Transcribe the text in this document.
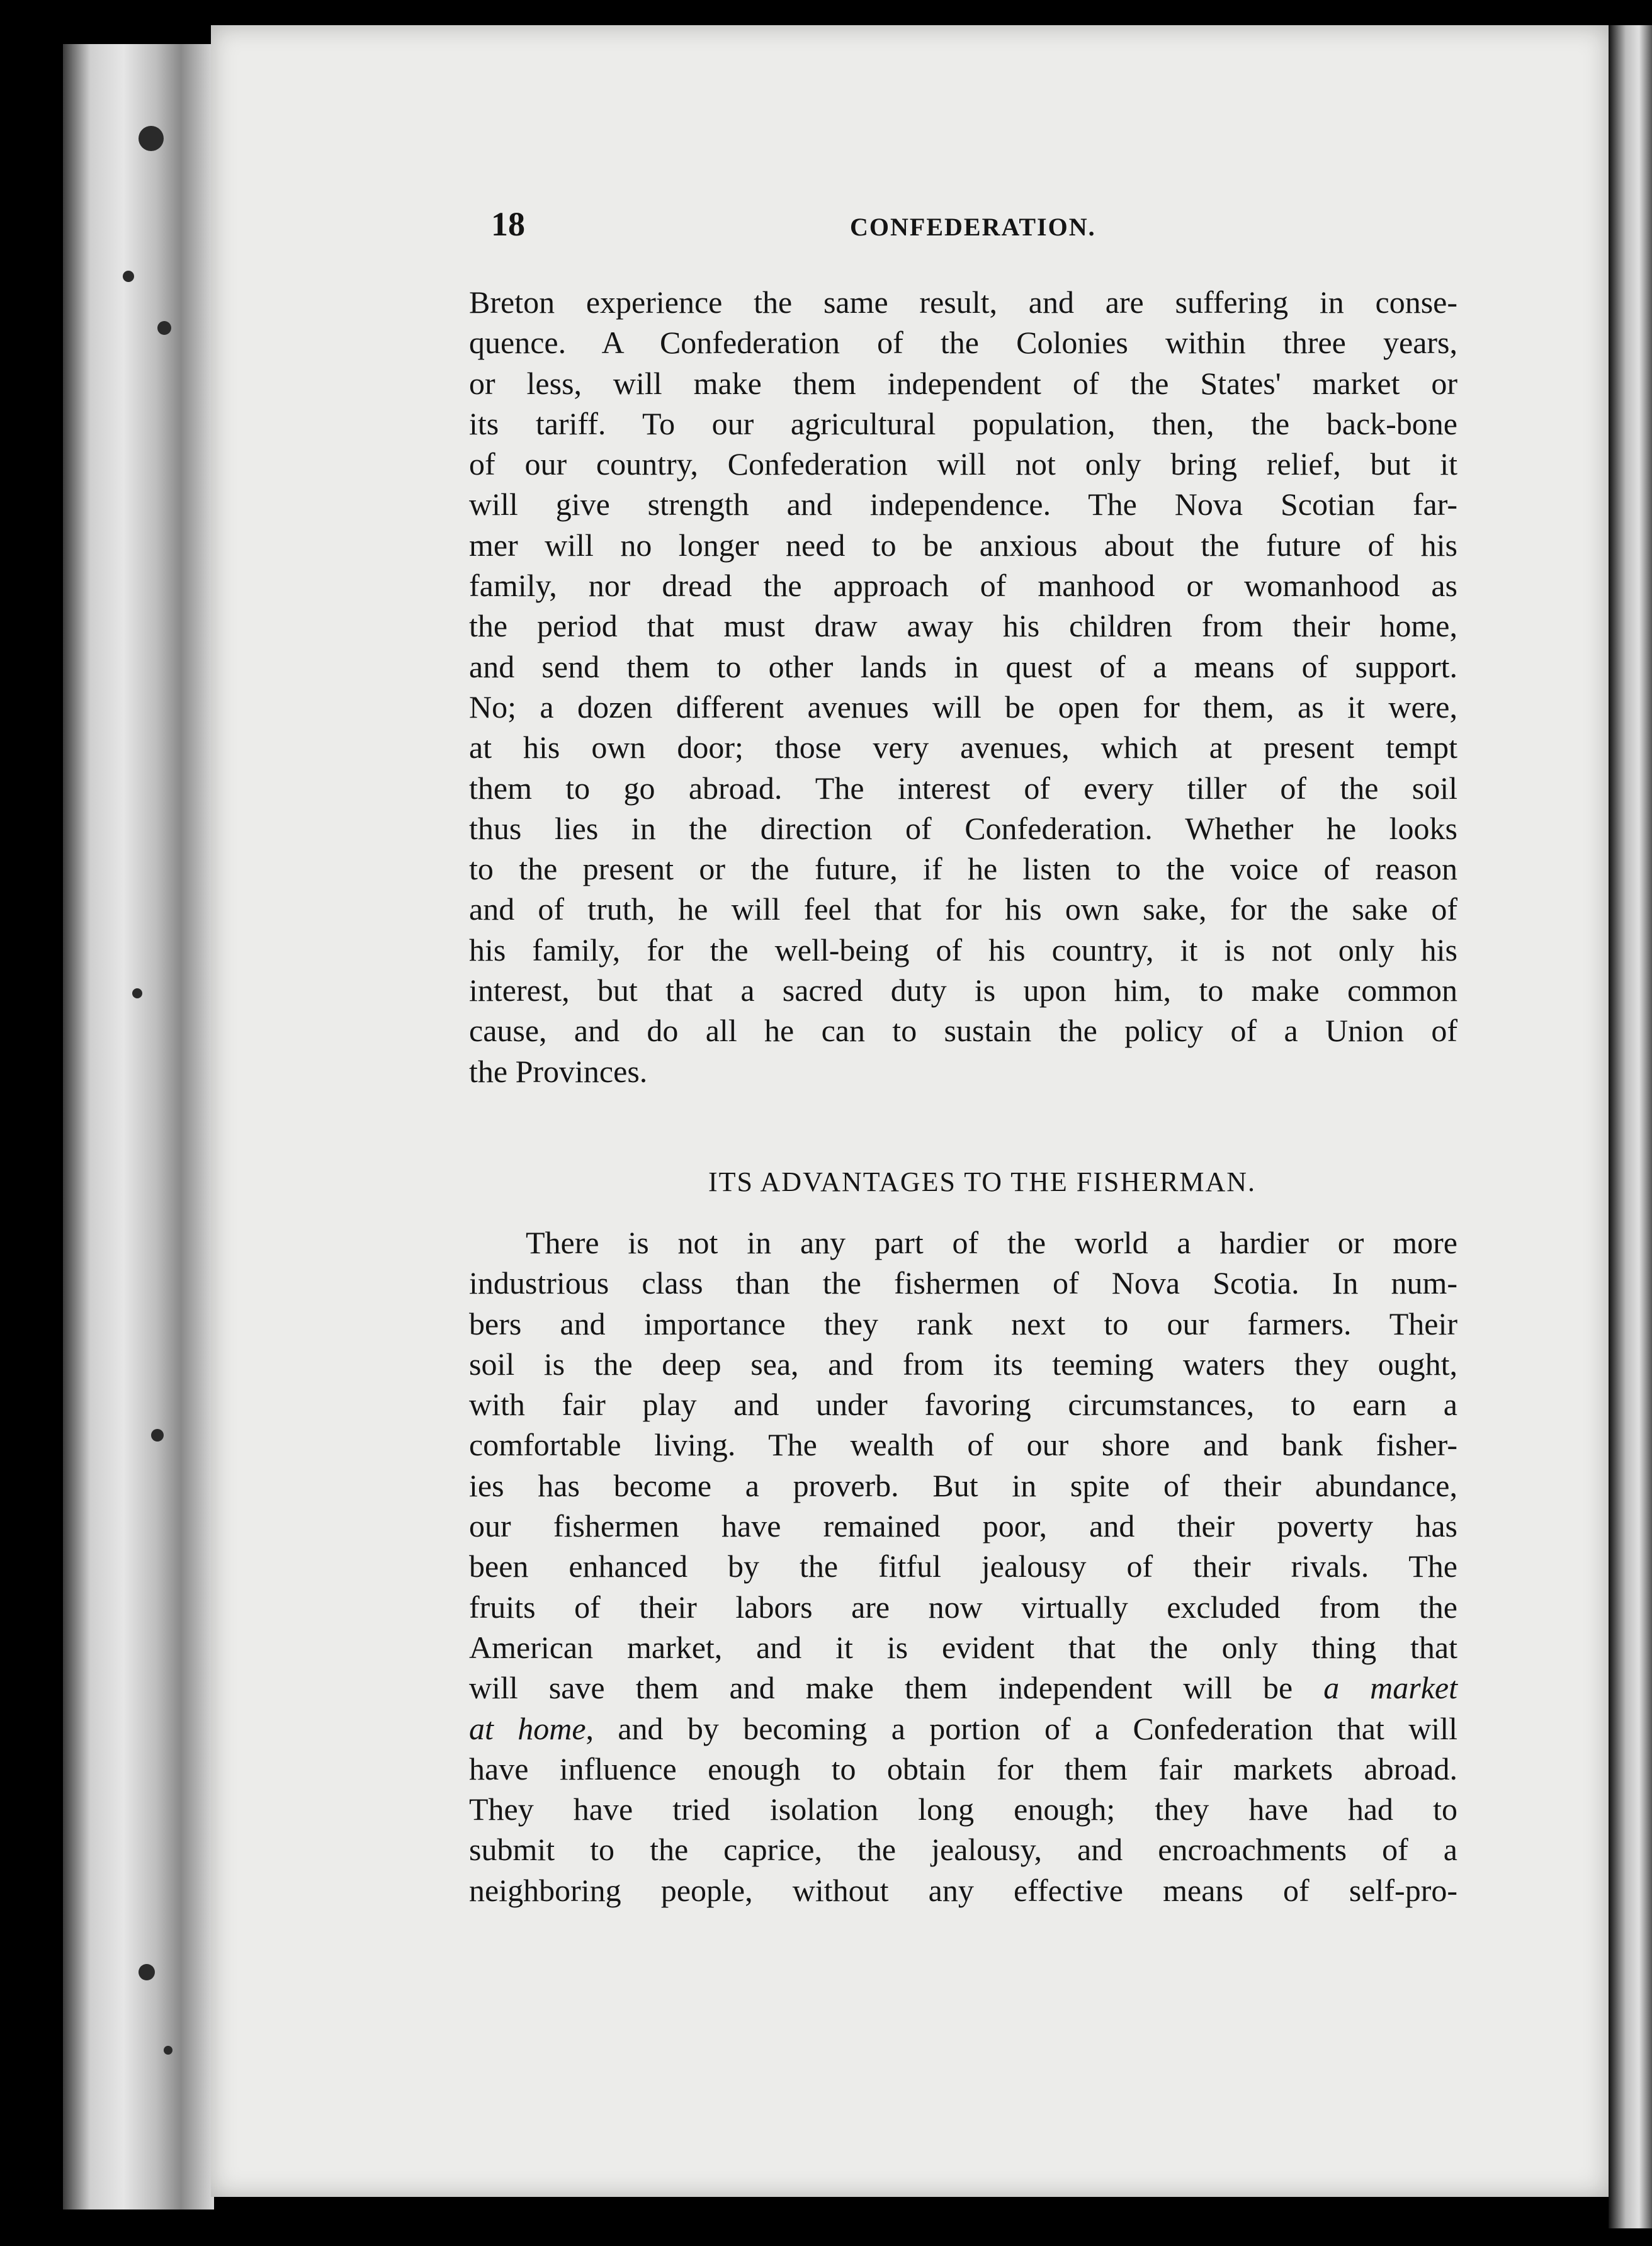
18	CONFEDERATION.
Breton experience the same result, and are suffering in conse-
quence. A Confederation of the Colonies within three years,
or less, will make them independent of the States' market or
its tariff. To our agricultural population, then, the back-bone
of our country, Confederation will not only bring relief, but it
will give strength and independence. The Nova Scotian far-
mer will no longer need to be anxious about the future of his
family, nor dread the approach of manhood or womanhood as
the period that must draw away his children from their home,
and send them to other lands in quest of a means of support.
No; a dozen different avenues will be open for them, as it were,
at his own door; those very avenues, which at present tempt
them to go abroad. The interest of every tiller of the soil
thus lies in the direction of Confederation. Whether he looks
to the present or the future, if he listen to the voice of reason
and of truth, he will feel that for his own sake, for the sake of
his family, for the well-being of his country, it is not only his
interest, but that a sacred duty is upon him, to make common
cause, and do all he can to sustain the policy of a Union of
the Provinces.
ITS ADVANTAGES TO THE FISHERMAN.
There is not in any part of the world a hardier or more
industrious class than the fishermen of Nova Scotia. In num-
bers and importance they rank next to our farmers. Their
soil is the deep sea, and from its teeming waters they ought,
with fair play and under favoring circumstances, to earn a
comfortable living. The wealth of our shore and bank fisher-
ies has become a proverb. But in spite of their abundance,
our fishermen have remained poor, and their poverty has
been enhanced by the fitful jealousy of their rivals. The
fruits of their labors are now virtually excluded from the
American market, and it is evident that the only thing that
will save them and make them independent will be a market
at home, and by becoming a portion of a Confederation that will
have influence enough to obtain for them fair markets abroad.
They have tried isolation long enough; they have had to
submit to the caprice, the jealousy, and encroachments of a
neighboring people, without any effective means of self-pro-
